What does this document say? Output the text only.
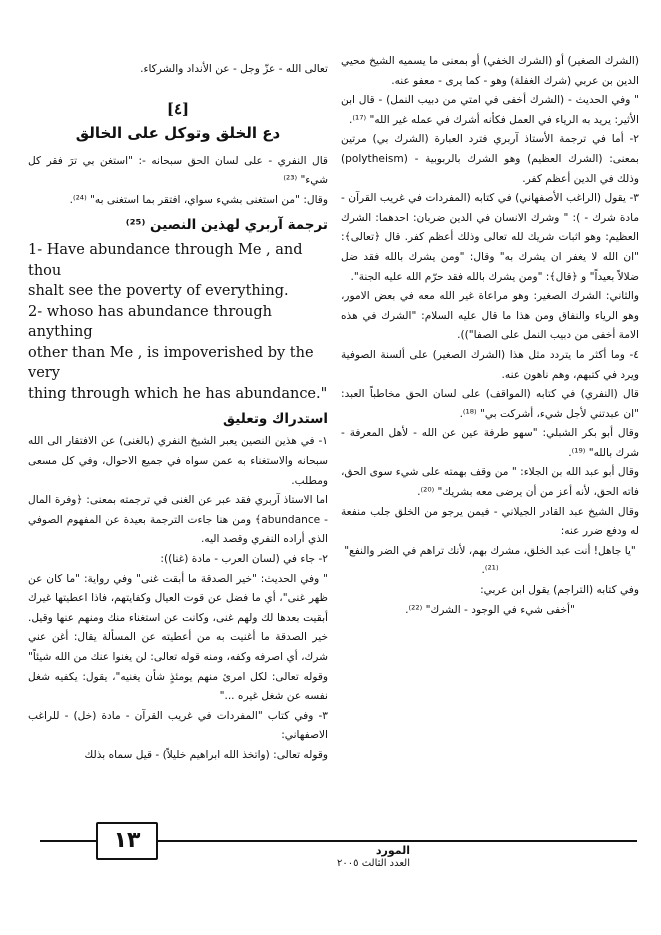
(الشرك الصغير) أو (الشرك الخفي) أو بمعنى ما يسميه الشيخ محيي الدين بن عربي (شرك الغفلة) وهو - كما يرى - معفو عنه.

" وفي الحديث - (الشرك أخفى في امتي من دبيب النمل) - قال ابن الأثير: يريد به الرياء في العمل فكأنه أشرك في عمله غير الله" ⁽¹⁷⁾.

٢- أما في ترجمة الأستاذ آربري فترد العبارة (الشرك بي) مرتين بمعنى: (الشرك العظيم) وهو الشرك بالربوبية - (polytheism) وذلك في الدين أعظم كفر.

٣- يقول (الراغب الأصفهاني) في كتابه (المفردات في غريب القرآن - مادة شرك - ): " وشرك الانسان في الدين ضربان: احدهما: الشرك العظيم: وهو اثبات شريك لله تعالى وذلك أعظم كفر. قال ﴿تعالى﴾: "ان الله لا يغفر ان يشرك به" وقال: "ومن يشرك بالله فقد ضل ضلالاً بعيداً" و ﴿قال﴾: "ومن يشرك بالله فقد حرّم الله عليه الجنة".

والثاني: الشرك الصغير: وهو مراعاة غير الله معه في بعض الامور، وهو الرياء والنفاق ومن هذا ما قال عليه السلام: "الشرك في هذه الامة أخفى من دبيب النمل على الصفا")).

٤- وما أكثر ما يتردد مثل هذا (الشرك الصغير) على ألسنة الصوفية ويرد في كتبهم، وهم ناهون عنه.

قال (النفري) في كتابه (المواقف) على لسان الحق مخاطباً العبد: "ان عبدتني لأجل شيء، أشركت بي" ⁽¹⁸⁾.

وقال أبو بكر الشبلي: "سهو طرفة عين عن الله - لأهل المعرفة - شرك بالله" ⁽¹⁹⁾.

وقال أبو عبد الله بن الجلاء: " من وقف بهمته على شيء سوى الحق، فاته الحق، لأنه أعز من أن يرضى معه بشريك" ⁽²⁰⁾.

وقال الشيخ عبد القادر الجيلاني - فيمن يرجو من الخلق جلب منفعة له ودفع ضرر عنه:

"يا جاهل! أنت عبد الخلق، مشرك بهم، لأنك تراهم في الضر والنفع" ⁽²¹⁾.

وفي كتابه (التراجم) يقول ابن عربي:

"أخفى شيء في الوجود - الشرك" ⁽²²⁾.

تعالى الله - عزّ وجل - عن الأنداد والشركاء.

[٤]
دع الخلق وتوكل على الخالق

قال النفري - على لسان الحق سبحانه -: "استغن بي ترَ فقر كل شيء" ⁽²³⁾

وقال: "من استغنى بشيء سواي، افتقر بما استغنى به" ⁽²⁴⁾.

ترجمة آربري لهذين النصين ⁽²⁵⁾
1- Have abundance through Me , and thou
shalt see the poverty of everything.
2- whoso has abundance through anything
other than Me , is impoverished by the very
thing through which he has abundance."
استدراك وتعليق

١- في هذين النصين يعبر الشيخ النفري (بالغنى) عن الافتقار الى الله سبحانه والاستغناء به عمن سواه في جميع الاحوال، وفي كل مسعى ومطلب.

اما الاستاذ آربري فقد عبر عن الغنى في ترجمته بمعنى: ﴿وفرة المال - abundance﴾ ومن هنا جاءت الترجمة بعيدة عن المفهوم الصوفي الذي أراده النفري وقصد اليه.

٢- جاء في (لسان العرب - مادة (غنا)):

" وفي الحديث: "خير الصدقة ما أبقت غنى" وفي رواية: "ما كان عن ظهر غنى"، أي ما فضل عن قوت العيال وكفايتهم، فاذا اعطيتها غيرك أبقيت بعدها لك ولهم غنى، وكانت عن استغناء منك ومنهم عنها وقيل. خير الصدقة ما أغنيت به من أعطيته عن المسألة يقال: أغن عني شرك، أي اصرفه وكفه، ومنه قوله تعالى: لن يغنوا عنك من الله شيئاً" وقوله تعالى: لكل امرئ منهم يومئذٍ شأن يغنيه"، يقول: يكفيه شغل نفسه عن شغل غيره ..."

٣- وفي كتاب "المفردات في غريب القرآن - مادة (خل) - للراغب الاصفهاني:

وقوله تعالى: (واتخذ الله ابراهيم خليلاً) - قيل سماه بذلك

١٣	المورد
العدد الثالث ٢٠٠٥
